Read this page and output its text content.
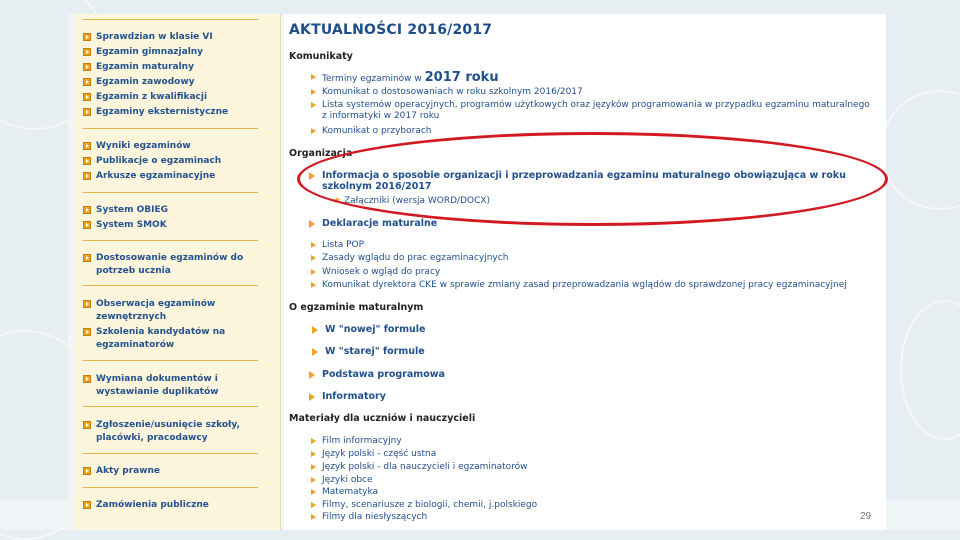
Sprawdzian w klasie VI
Egzamin gimnazjalny
Egzamin maturalny
Egzamin zawodowy
Egzamin z kwalifikacji
Egzaminy eksternistyczne
Wyniki egzaminów
Publikacje o egzaminach
Arkusze egzaminacyjne
System OBIEG
System SMOK
Dostosowanie egzaminów do potrzeb ucznia
Obserwacja egzaminów zewnętrznych
Szkolenia kandydatów na egzaminatorów
Wymiana dokumentów i wystawianie duplikatów
Zgłoszenie/usunięcie szkoły, placówki, pracodawcy
Akty prawne
Zamówienia publiczne
AKTUALNOŚCI 2016/2017
Komunikaty
Terminy egzaminów w 2017 roku
Komunikat o dostosowaniach w roku szkolnym 2016/2017
Lista systemów operacyjnych, programów użytkowych oraz języków programowania w przypadku egzaminu maturalnego z informatyki w 2017 roku
Komunikat o przyborach
Organizacja
Informacja o sposobie organizacji i przeprowadzania egzaminu maturalnego obowiązująca w roku szkolnym 2016/2017
★ Załączniki (wersja WORD/DOCX)
Deklaracje maturalne
Lista POP
Zasady wglądu do prac egzaminacyjnych
Wniosek o wgląd do pracy
Komunikat dyrektora CKE w sprawie zmiany zasad przeprowadzania wglądów do sprawdzonej pracy egzaminacyjnej
O egzaminie maturalnym
W "nowej" formule
W "starej" formule
Podstawa programowa
Informatory
Materiały dla uczniów i nauczycieli
Film informacyjny
Język polski - część ustna
Język polski - dla nauczycieli i egzaminatorów
Języki obce
Matematyka
Filmy, scenariusze z biologii, chemii, j.polskiego
Filmy dla niesłyszących	29
